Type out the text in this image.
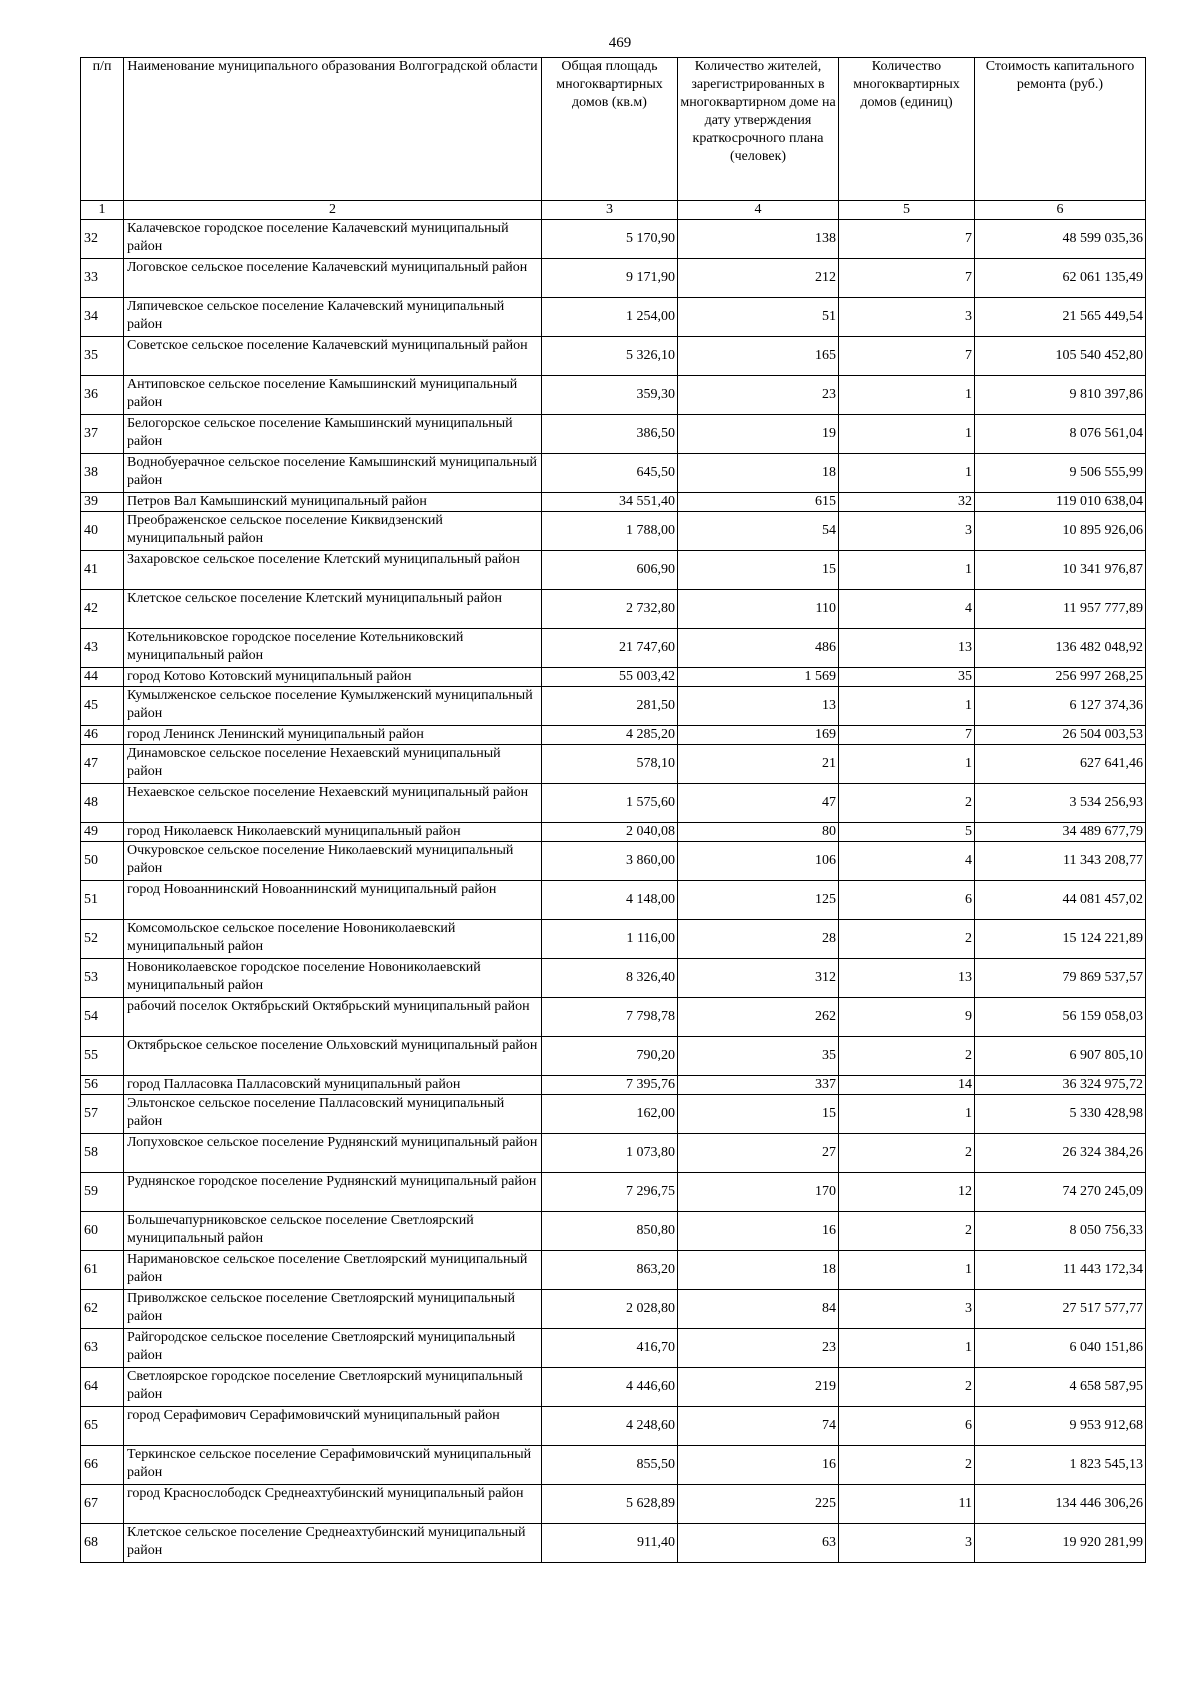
469
п/п	Наименование муниципального образования Волгоградской области	Общая площадь многоквартирных домов (кв.м)	Количество жителей, зарегистрированных в многоквартирном доме на дату утверждения краткосрочного плана (человек)	Количество многоквартирных домов (единиц)	Стоимость капитального ремонта (руб.)
1	2	3	4	5	6
32	Калачевское городское поселение Калачевский муниципальный район	5 170,90	138	7	48 599 035,36
33	Логовское сельское поселение Калачевский муниципальный район	9 171,90	212	7	62 061 135,49
34	Ляпичевское сельское поселение Калачевский муниципальный район	1 254,00	51	3	21 565 449,54
35	Советское сельское поселение Калачевский муниципальный район	5 326,10	165	7	105 540 452,80
36	Антиповское сельское поселение Камышинский муниципальный район	359,30	23	1	9 810 397,86
37	Белогорское сельское поселение Камышинский муниципальный район	386,50	19	1	8 076 561,04
38	Воднобуерачное сельское поселение Камышинский муниципальный район	645,50	18	1	9 506 555,99
39	Петров Вал Камышинский муниципальный район	34 551,40	615	32	119 010 638,04
40	Преображенское сельское поселение Киквидзенский муниципальный район	1 788,00	54	3	10 895 926,06
41	Захаровское сельское поселение Клетский муниципальный район	606,90	15	1	10 341 976,87
42	Клетское сельское поселение Клетский муниципальный район	2 732,80	110	4	11 957 777,89
43	Котельниковское городское поселение Котельниковский муниципальный район	21 747,60	486	13	136 482 048,92
44	город Котово Котовский муниципальный район	55 003,42	1 569	35	256 997 268,25
45	Кумылженское сельское поселение Кумылженский муниципальный район	281,50	13	1	6 127 374,36
46	город Ленинск Ленинский муниципальный район	4 285,20	169	7	26 504 003,53
47	Динамовское сельское поселение Нехаевский муниципальный район	578,10	21	1	627 641,46
48	Нехаевское сельское поселение Нехаевский муниципальный район	1 575,60	47	2	3 534 256,93
49	город Николаевск Николаевский муниципальный район	2 040,08	80	5	34 489 677,79
50	Очкуровское сельское поселение Николаевский муниципальный район	3 860,00	106	4	11 343 208,77
51	город Новоаннинский Новоаннинский муниципальный район	4 148,00	125	6	44 081 457,02
52	Комсомольское сельское поселение Новониколаевский муниципальный район	1 116,00	28	2	15 124 221,89
53	Новониколаевское городское поселение Новониколаевский муниципальный район	8 326,40	312	13	79 869 537,57
54	рабочий поселок Октябрьский Октябрьский муниципальный район	7 798,78	262	9	56 159 058,03
55	Октябрьское сельское поселение Ольховский муниципальный район	790,20	35	2	6 907 805,10
56	город Палласовка Палласовский муниципальный район	7 395,76	337	14	36 324 975,72
57	Эльтонское сельское поселение Палласовский муниципальный район	162,00	15	1	5 330 428,98
58	Лопуховское сельское поселение Руднянский муниципальный район	1 073,80	27	2	26 324 384,26
59	Руднянское городское поселение Руднянский муниципальный район	7 296,75	170	12	74 270 245,09
60	Большечапурниковское сельское поселение Светлоярский муниципальный район	850,80	16	2	8 050 756,33
61	Наримановское сельское поселение Светлоярский муниципальный район	863,20	18	1	11 443 172,34
62	Приволжское сельское поселение Светлоярский муниципальный район	2 028,80	84	3	27 517 577,77
63	Райгородское сельское поселение Светлоярский муниципальный район	416,70	23	1	6 040 151,86
64	Светлоярское городское поселение Светлоярский муниципальный район	4 446,60	219	2	4 658 587,95
65	город Серафимович Серафимовичский муниципальный район	4 248,60	74	6	9 953 912,68
66	Теркинское сельское поселение Серафимовичский муниципальный район	855,50	16	2	1 823 545,13
67	город Краснослободск Среднеахтубинский муниципальный район	5 628,89	225	11	134 446 306,26
68	Клетское сельское поселение Среднеахтубинский муниципальный район	911,40	63	3	19 920 281,99
